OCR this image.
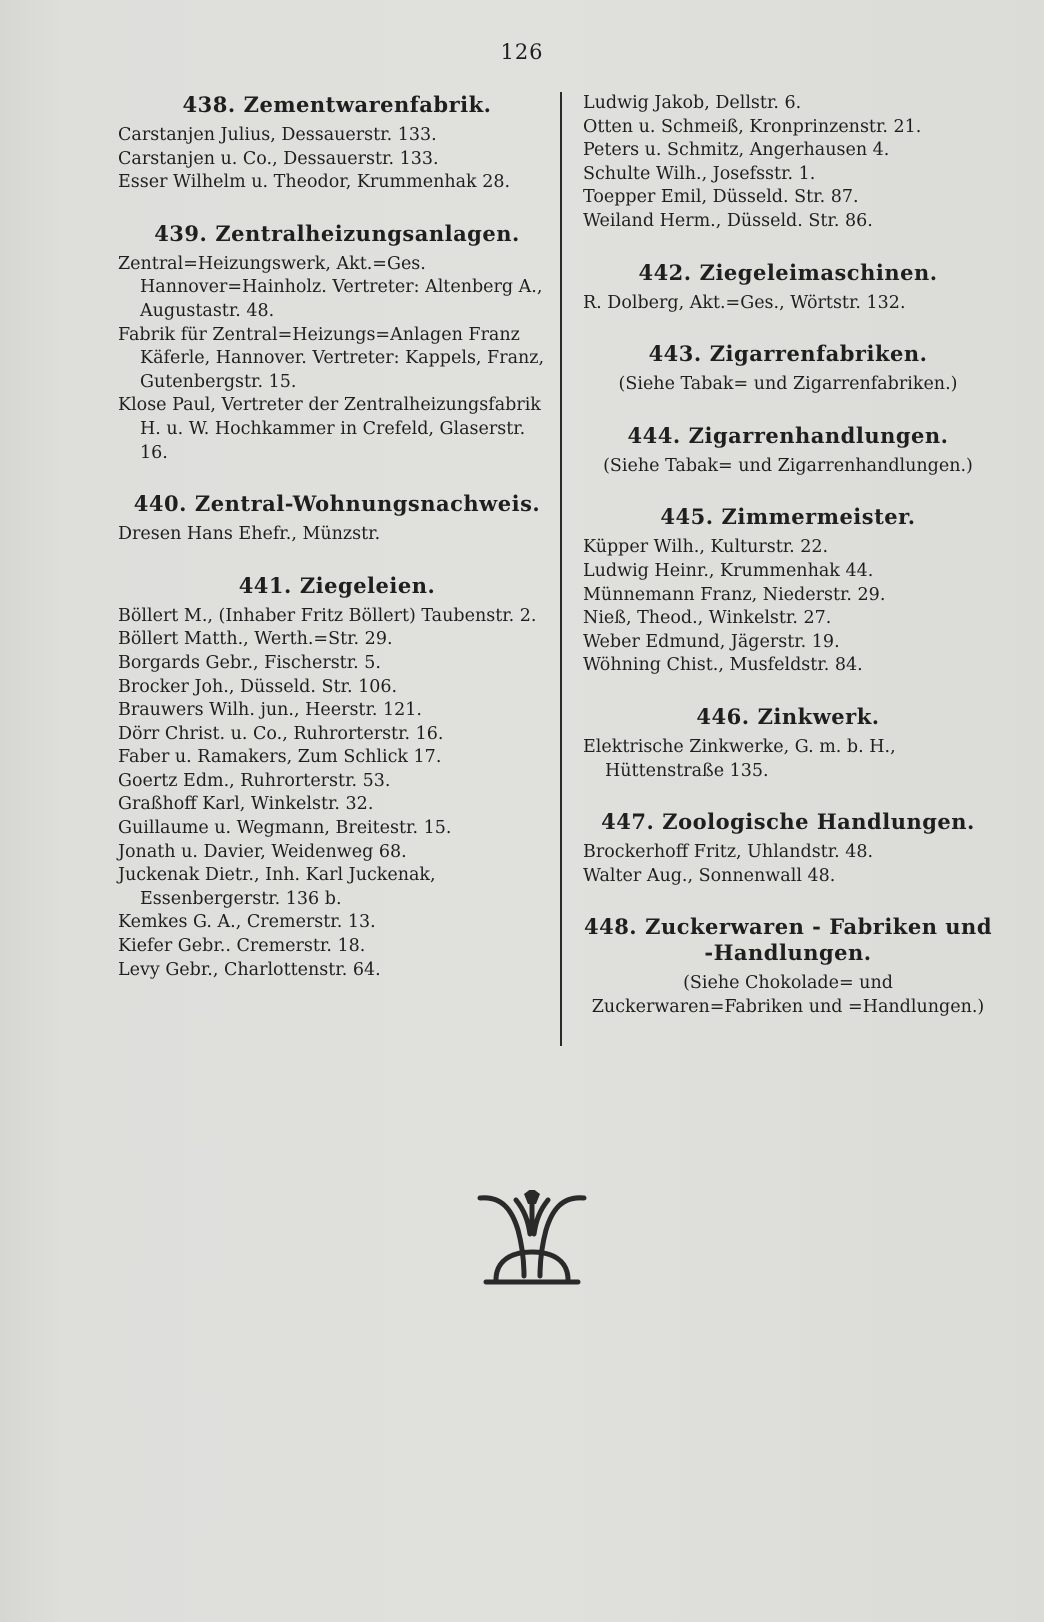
126
438. Zementwarenfabrik.

Carstanjen Julius, Dessauerstr. 133.

Carstanjen u. Co., Dessauerstr. 133.

Esser Wilhelm u. Theodor, Krummenhak 28.

439. Zentralheizungsanlagen.

Zentral=Heizungswerk, Akt.=Ges. Hannover=Hainholz. Vertreter: Altenberg A., Augustastr. 48.

Fabrik für Zentral=Heizungs=Anlagen Franz Käferle, Hannover. Vertreter: Kappels, Franz, Gutenbergstr. 15.

Klose Paul, Vertreter der Zentralheizungsfabrik H. u. W. Hochkammer in Crefeld, Glaserstr. 16.

440. Zentral-Wohnungsnachweis.

Dresen Hans Ehefr., Münzstr.

441. Ziegeleien.

Böllert M., (Inhaber Fritz Böllert) Taubenstr. 2.

Böllert Matth., Werth.=Str. 29.

Borgards Gebr., Fischerstr. 5.

Brocker Joh., Düsseld. Str. 106.

Brauwers Wilh. jun., Heerstr. 121.

Dörr Christ. u. Co., Ruhrorterstr. 16.

Faber u. Ramakers, Zum Schlick 17.

Goertz Edm., Ruhrorterstr. 53.

Graßhoff Karl, Winkelstr. 32.

Guillaume u. Wegmann, Breitestr. 15.

Jonath u. Davier, Weidenweg 68.

Juckenak Dietr., Inh. Karl Juckenak, Essenbergerstr. 136 b.

Kemkes G. A., Cremerstr. 13.

Kiefer Gebr.. Cremerstr. 18.

Levy Gebr., Charlottenstr. 64.

Ludwig Jakob, Dellstr. 6.

Otten u. Schmeiß, Kronprinzenstr. 21.

Peters u. Schmitz, Angerhausen 4.

Schulte Wilh., Josefsstr. 1.

Toepper Emil, Düsseld. Str. 87.

Weiland Herm., Düsseld. Str. 86.

442. Ziegeleimaschinen.

R. Dolberg, Akt.=Ges., Wörtstr. 132.

443. Zigarrenfabriken.

(Siehe Tabak= und Zigarrenfabriken.)

444. Zigarrenhandlungen.

(Siehe Tabak= und Zigarrenhandlungen.)

445. Zimmermeister.

Küpper Wilh., Kulturstr. 22.

Ludwig Heinr., Krummenhak 44.

Münnemann Franz, Niederstr. 29.

Nieß, Theod., Winkelstr. 27.

Weber Edmund, Jägerstr. 19.

Wöhning Chist., Musfeldstr. 84.

446. Zinkwerk.

Elektrische Zinkwerke, G. m. b. H., Hüttenstraße 135.

447. Zoologische Handlungen.

Brockerhoff Fritz, Uhlandstr. 48.

Walter Aug., Sonnenwall 48.

448. Zuckerwaren - Fabriken und -Handlungen.

(Siehe Chokolade= und Zuckerwaren=Fabriken und =Handlungen.)
